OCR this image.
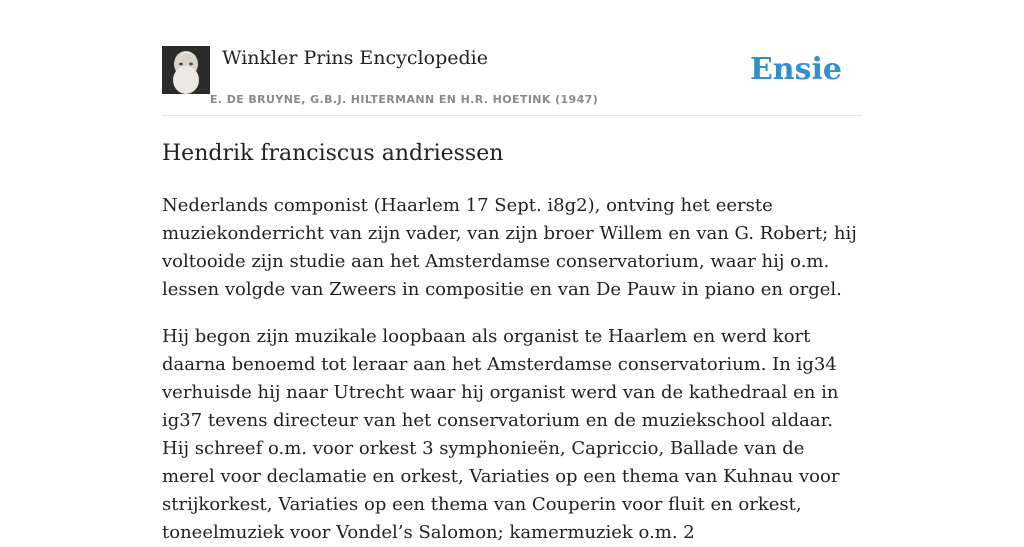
Winkler Prins Encyclopedie
E. DE BRUYNE, G.B.J. HILTERMANN EN H.R. HOETINK (1947)
Ensie
Hendrik franciscus andriessen

Nederlands componist (Haarlem 17 Sept. i8g2), ontving het eerste muziekonderricht van zijn vader, van zijn broer Willem en van G. Robert; hij voltooide zijn studie aan het Amsterdamse conservatorium, waar hij o.m. lessen volgde van Zweers in compositie en van De Pauw in piano en orgel.

Hij begon zijn muzikale loopbaan als organist te Haarlem en werd kort daarna benoemd tot leraar aan het Amsterdamse conservatorium. In ig34 verhuisde hij naar Utrecht waar hij organist werd van de kathedraal en in ig37 tevens directeur van het conservatorium en de muziekschool aldaar. Hij schreef o.m. voor orkest 3 symphonieën, Capriccio, Ballade van de merel voor declamatie en orkest, Variaties op een thema van Kuhnau voor strijkorkest, Variaties op een thema van Couperin voor fluit en orkest, toneelmuziek voor Vondel’s Salomon; kamermuziek o.m. 2
